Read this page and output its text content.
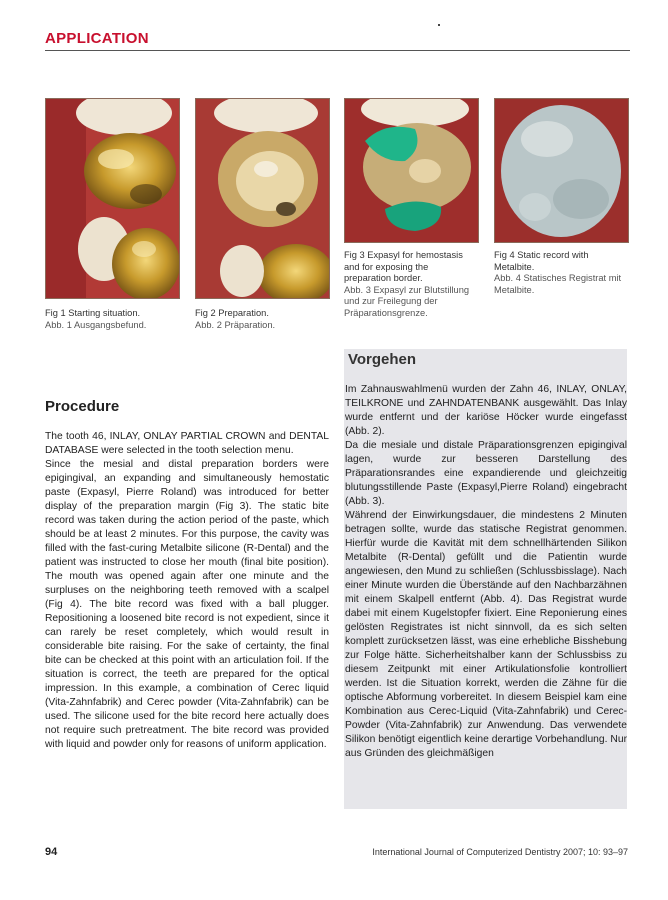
APPLICATION
Fig 1 Starting situation.
Abb. 1 Ausgangsbefund.
Fig 2 Preparation.
Abb. 2 Präparation.
Fig 3 Expasyl for hemostasis and for exposing the preparation border.
Abb. 3 Expasyl zur Blutstillung und zur Freilegung der Präparationsgrenze.
Fig 4 Static record with Metalbite.
Abb. 4 Statisches Registrat mit Metalbite.
Vorgehen
Procedure

The tooth 46, INLAY, ONLAY PARTIAL CROWN and DENTAL DATABASE were selected in the tooth selection menu.

Since the mesial and distal preparation borders were epigingival, an expanding and simultaneously hemostatic paste (Expasyl, Pierre Roland) was introduced for better display of the preparation margin (Fig 3). The static bite record was taken during the action period of the paste, which should be at least 2 minutes. For this purpose, the cavity was filled with the fast-curing Metalbite silicone (R-Dental) and the patient was instructed to close her mouth (final bite position). The mouth was opened again after one minute and the surpluses on the neighboring teeth removed with a scalpel (Fig 4). The bite record was fixed with a ball plugger. Repositioning a loosened bite record is not expedient, since it can rarely be reset completely, which would result in considerable bite raising. For the sake of certainty, the final bite can be checked at this point with an articulation foil. If the situation is correct, the teeth are prepared for the optical impression. In this example, a combination of Cerec liquid (Vita-Zahnfabrik) and Cerec powder (Vita-Zahnfabrik) can be used. The silicone used for the bite record here actually does not require such pretreatment. The bite record was provided with liquid and powder only for reasons of uniform application.

Im Zahnauswahlmenü wurden der Zahn 46, INLAY, ONLAY, TEILKRONE und ZAHNDATENBANK ausgewählt. Das Inlay wurde entfernt und der kariöse Höcker wurde eingefasst (Abb. 2).

Da die mesiale und distale Präparationsgrenzen epigingival lagen, wurde zur besseren Darstellung des Präparationsrandes eine expandierende und gleichzeitig blutungsstillende Paste (Expasyl,Pierre Roland) eingebracht (Abb. 3).

Während der Einwirkungsdauer, die mindestens 2 Minuten betragen sollte, wurde das statische Registrat genommen. Hierfür wurde die Kavität mit dem schnellhärtenden Silikon Metalbite (R-Dental) gefüllt und die Patientin wurde angewiesen, den Mund zu schließen (Schlussbisslage). Nach einer Minute wurden die Überstände auf den Nachbarzähnen mit einem Skalpell entfernt (Abb. 4). Das Registrat wurde dabei mit einem Kugelstopfer fixiert. Eine Reponierung eines gelösten Registrates ist nicht sinnvoll, da es sich selten komplett zurücksetzen lässt, was eine erhebliche Bisshebung zur Folge hätte. Sicherheitshalber kann der Schlussbiss zu diesem Zeitpunkt mit einer Artikulationsfolie kontrolliert werden. Ist die Situation korrekt, werden die Zähne für die optische Abformung vorbereitet. In diesem Beispiel kam eine Kombination aus Cerec-Liquid (Vita-Zahnfabrik) und Cerec-Powder (Vita-Zahnfabrik) zur Anwendung. Das verwendete Silikon benötigt eigentlich keine derartige Vorbehandlung. Nur aus Gründen des gleichmäßigen

94	International Journal of Computerized Dentistry 2007; 10: 93–97
